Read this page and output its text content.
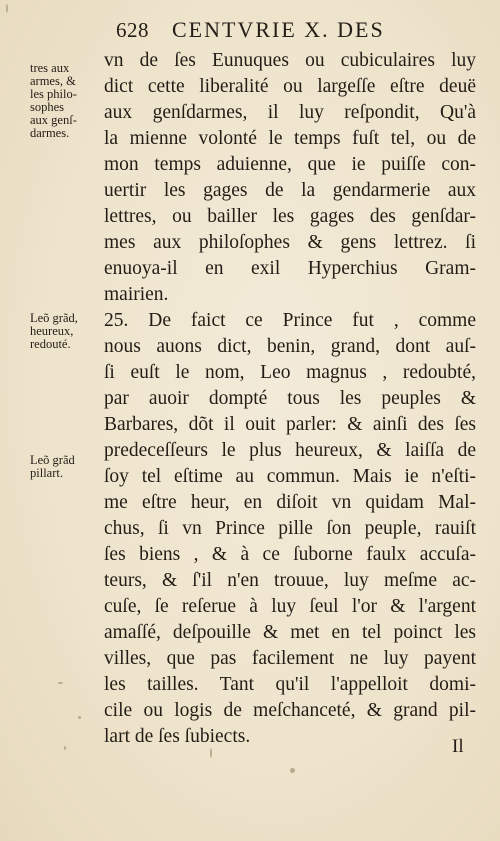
628 CENTVRIE X. DES
tres aux
armes, &
les philo-
sophes
aux genſ-
darmes.
Leõ grãd,
heureux,
redouté.
Leõ grãd
pillart.
vn de ſes Eunuques ou cubiculaires luy
dict cette liberalité ou largeſſe eſtre deuë
aux genſdarmes, il luy reſpondit, Qu'à
la mienne volonté le temps fuſt tel, ou de
mon temps aduienne, que ie puiſſe con-
uertir les gages de la gendarmerie aux
lettres, ou bailler les gages des genſdar-
mes aux philoſophes & gens lettrez. ſi
enuoya-il en exil Hyperchius Gram-
mairien.
25. De faict ce Prince fut , comme
nous auons dict, benin, grand, dont auſ-
ſi euſt le nom, Leo magnus , redoubté,
par auoir dompté tous les peuples &
Barbares, dõt il ouit parler: & ainſi des ſes
predeceſſeurs le plus heureux, & laiſſa de
ſoy tel eſtime au commun. Mais ie n'eſti-
me eſtre heur, en diſoit vn quidam Mal-
chus, ſi vn Prince pille ſon peuple, rauiſt
ſes biens , & à ce ſuborne faulx accuſa-
teurs, & ſ'il n'en trouue, luy meſme ac-
cuſe, ſe reſerue à luy ſeul l'or & l'argent
amaſſé, deſpouille & met en tel poinct les
villes, que pas facilement ne luy payent
les tailles. Tant qu'il l'appelloit domi-
cile ou logis de meſchanceté, & grand pil-
lart de ſes ſubiects.	Il
